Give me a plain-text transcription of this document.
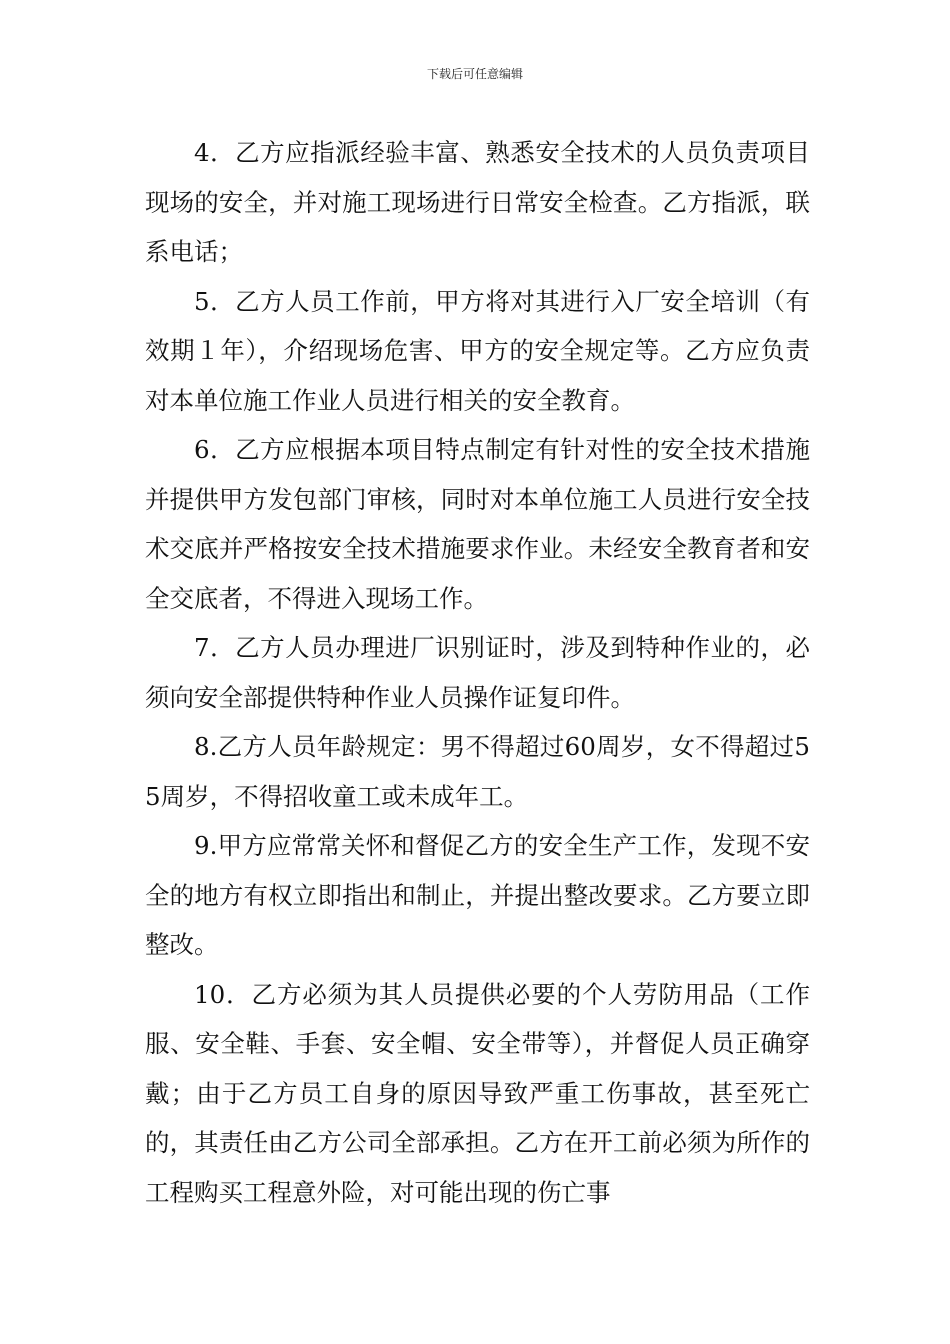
下载后可任意编辑

4．乙方应指派经验丰富、熟悉安全技术的人员负责项目现场的安全，并对施工现场进行日常安全检查。乙方指派，联系电话；

5．乙方人员工作前，甲方将对其进行入厂安全培训（有效期１年），介绍现场危害、甲方的安全规定等。乙方应负责对本单位施工作业人员进行相关的安全教育。

6．乙方应根据本项目特点制定有针对性的安全技术措施并提供甲方发包部门审核，同时对本单位施工人员进行安全技术交底并严格按安全技术措施要求作业。未经安全教育者和安全交底者，不得进入现场工作。

7．乙方人员办理进厂识别证时，涉及到特种作业的，必须向安全部提供特种作业人员操作证复印件。

8.乙方人员年龄规定：男不得超过60周岁，女不得超过55周岁，不得招收童工或未成年工。

9.甲方应常常关怀和督促乙方的安全生产工作，发现不安全的地方有权立即指出和制止，并提出整改要求。乙方要立即整改。

10．乙方必须为其人员提供必要的个人劳防用品（工作服、安全鞋、手套、安全帽、安全带等），并督促人员正确穿戴；由于乙方员工自身的原因导致严重工伤事故，甚至死亡的，其责任由乙方公司全部承担。乙方在开工前必须为所作的工程购买工程意外险，对可能出现的伤亡事
